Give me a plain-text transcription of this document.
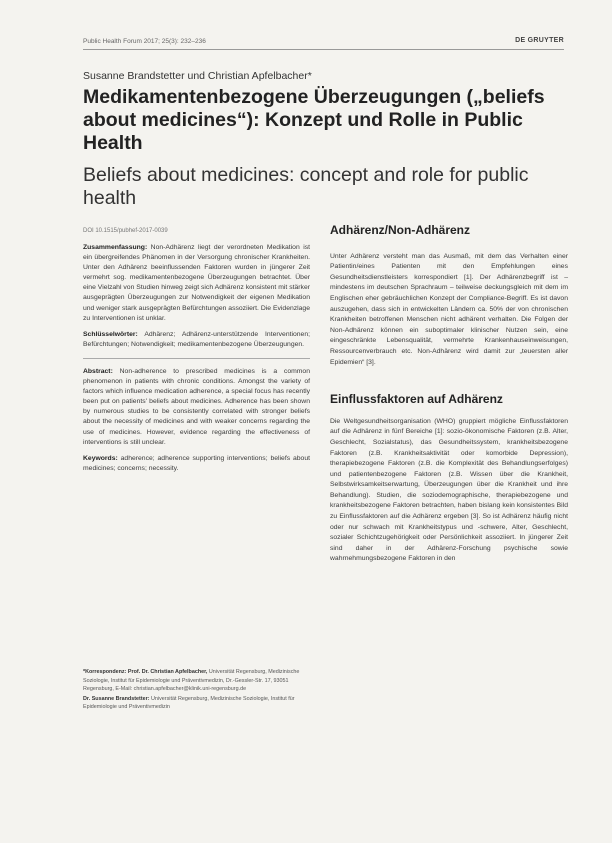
Public Health Forum 2017; 25(3): 232–236	DE GRUYTER
Susanne Brandstetter und Christian Apfelbacher*
Medikamentenbezogene Überzeugungen („beliefs about medicines“): Konzept und Rolle in Public Health
Beliefs about medicines: concept and role for public health
DOI 10.1515/pubhef-2017-0039

Zusammenfassung: Non-Adhärenz liegt der verordneten Medikation ist ein übergreifendes Phänomen in der Versorgung chronischer Krankheiten. Unter den Adhärenz beeinflussenden Faktoren wurden in jüngerer Zeit vermehrt sog. medikamentenbezogene Überzeugungen betrachtet. Über eine Vielzahl von Studien hinweg zeigt sich Adhärenz konsistent mit stärker ausgeprägten Überzeugungen zur Notwendigkeit der eigenen Medikation und weniger stark ausgeprägten Befürchtungen assoziiert. Die Evidenzlage zu Interventionen ist unklar.

Schlüsselwörter: Adhärenz; Adhärenz-unterstützende Interventionen; Befürchtungen; Notwendigkeit; medikamentenbezogene Überzeugungen.

Abstract: Non-adherence to prescribed medicines is a common phenomenon in patients with chronic conditions. Amongst the variety of factors which influence medication adherence, a special focus has recently been put on patients' beliefs about medicines. Adherence has been shown by numerous studies to be consistently correlated with stronger beliefs about the necessity of medicines and with weaker concerns regarding the use of medicines. However, evidence regarding the effectiveness of interventions is still unclear.

Keywords: adherence; adherence supporting interventions; beliefs about medicines; concerns; necessity.

*Korrespondenz: Prof. Dr. Christian Apfelbacher, Universität Regensburg, Medizinische Soziologie, Institut für Epidemiologie und Präventivmedizin, Dr.-Gessler-Str. 17, 93051 Regensburg, E-Mail: christian.apfelbacher@klinik.uni-regensburg.de

Dr. Susanne Brandstetter: Universität Regensburg, Medizinische Soziologie, Institut für Epidemiologie und Präventivmedizin

Adhärenz/Non-Adhärenz

Unter Adhärenz versteht man das Ausmaß, mit dem das Verhalten einer Patientin/eines Patienten mit den Empfehlungen eines Gesundheitsdienstleisters korrespondiert [1]. Der Adhärenzbegriff ist – mindestens im deutschen Sprachraum – teilweise deckungsgleich mit dem im Englischen eher gebräuchlichen Konzept der Compliance-Begriff. Es ist davon auszugehen, dass sich in entwickelten Ländern ca. 50% der von chronischen Krankheiten betroffenen Menschen nicht adhärent verhalten. Die Folgen der Non-Adhärenz können ein suboptimaler klinischer Nutzen sein, eine eingeschränkte Lebensqualität, vermehrte Krankenhauseinweisungen, Ressourcenverbrauch etc. Non-Adhärenz wird damit zur „teuersten aller Epidemien“ [3].

Einflussfaktoren auf Adhärenz

Die Weltgesundheitsorganisation (WHO) gruppiert mögliche Einflussfaktoren auf die Adhärenz in fünf Bereiche [1]: sozio-ökonomische Faktoren (z.B. Alter, Geschlecht, Sozialstatus), das Gesundheitssystem, krankheitsbezogene Faktoren (z.B. Krankheitsaktivität oder komorbide Depression), therapiebezogene Faktoren (z.B. die Komplexität des Behandlungserfolges) und patientenbezogene Faktoren (z.B. Wissen über die Krankheit, Selbstwirksamkeitserwartung, Überzeugungen über die Krankheit und ihre Behandlung). Studien, die soziodemographische, therapiebezogene und krankheitsbezogene Faktoren betrachten, haben bislang kein konsistentes Bild zu Einflussfaktoren auf die Adhärenz ergeben [3]. So ist Adhärenz häufig nicht oder nur schwach mit Krankheitstypus und -schwere, Alter, Geschlecht, sozialer Schichtzugehörigkeit oder Persönlichkeit assoziiert. In jüngerer Zeit sind daher in der Adhärenz-Forschung psychische sowie wahrnehmungsbezogene Faktoren in den
